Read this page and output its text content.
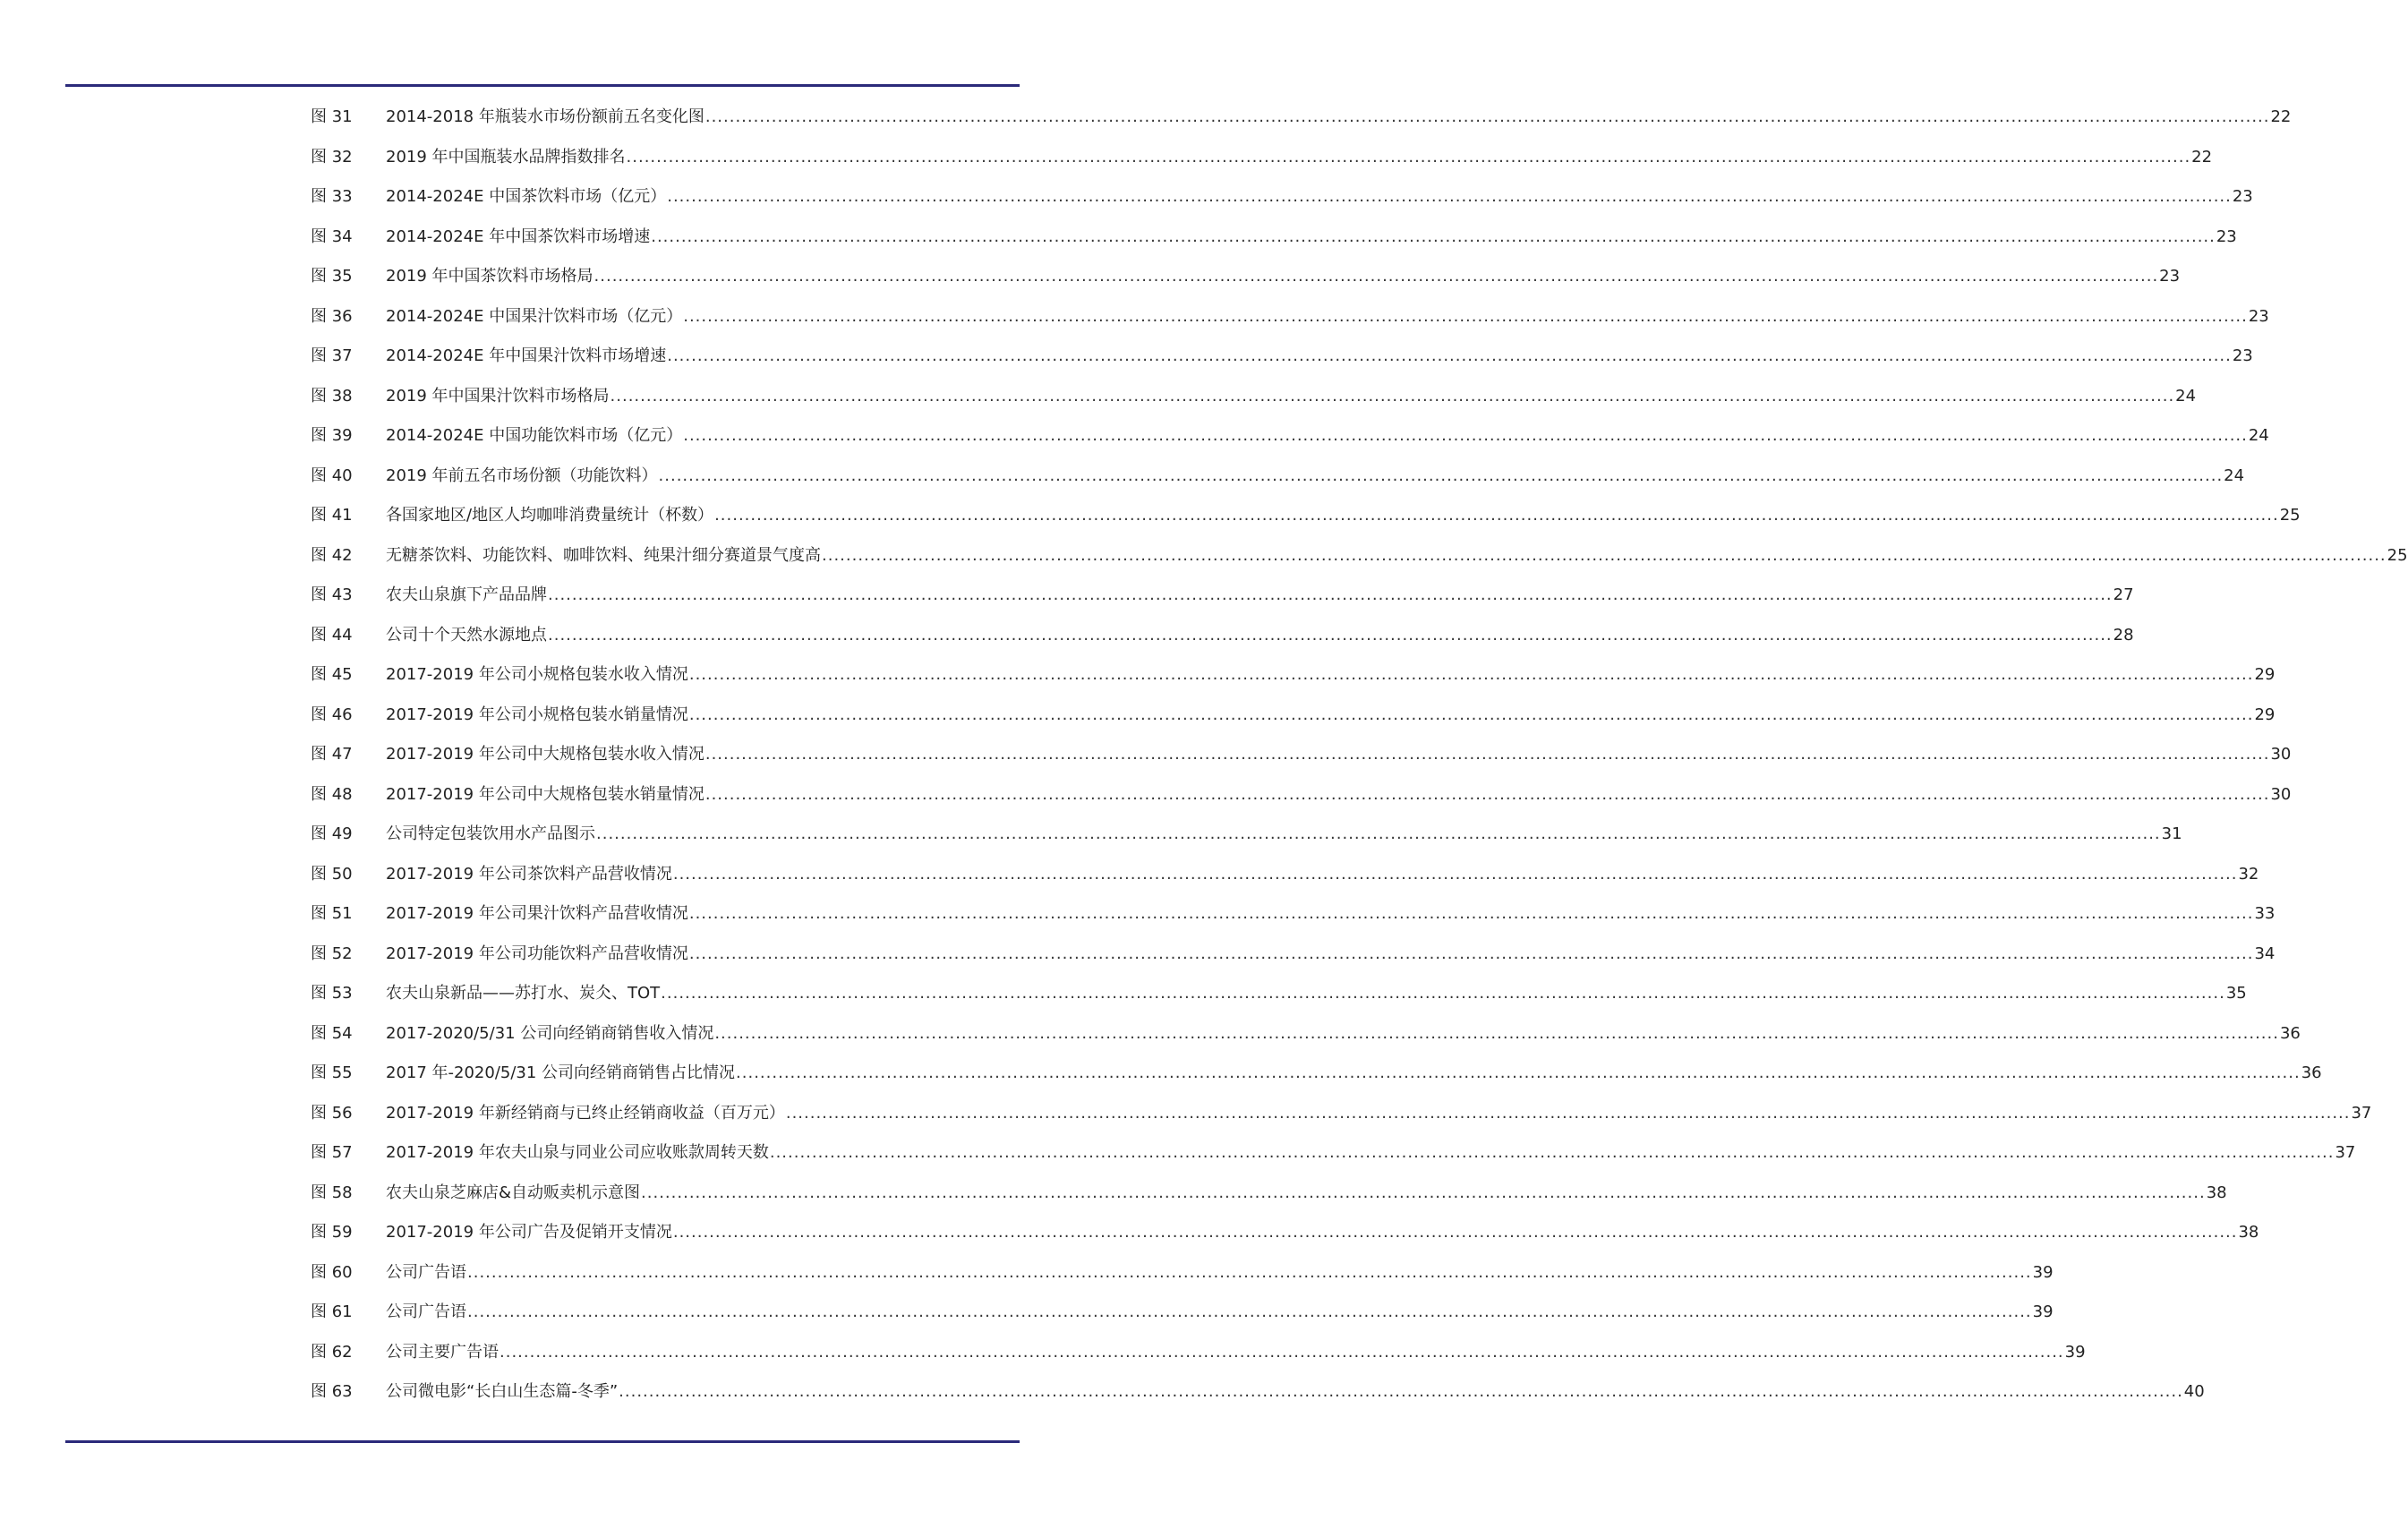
图 31	2014-2018 年瓶装水市场份额前五名变化图 .....	22
图 32	2019 年中国瓶装水品牌指数排名 .....	22
图 33	2014-2024E 中国茶饮料市场（亿元） .....	23
图 34	2014-2024E 年中国茶饮料市场增速 .....	23
图 35	2019 年中国茶饮料市场格局 .....	23
图 36	2014-2024E 中国果汁饮料市场（亿元） .....	23
图 37	2014-2024E 年中国果汁饮料市场增速 .....	23
图 38	2019 年中国果汁饮料市场格局 .....	24
图 39	2014-2024E 中国功能饮料市场（亿元） .....	24
图 40	2019 年前五名市场份额（功能饮料） .....	24
图 41	各国家地区/地区人均咖啡消费量统计（杯数） .....	25
图 42	无糖茶饮料、功能饮料、咖啡饮料、纯果汁细分赛道景气度高 .....	25
图 43	农夫山泉旗下产品品牌 .....	27
图 44	公司十个天然水源地点 .....	28
图 45	2017-2019 年公司小规格包装水收入情况 .....	29
图 46	2017-2019 年公司小规格包装水销量情况 .....	29
图 47	2017-2019 年公司中大规格包装水收入情况 .....	30
图 48	2017-2019 年公司中大规格包装水销量情况 .....	30
图 49	公司特定包装饮用水产品图示 .....	31
图 50	2017-2019 年公司茶饮料产品营收情况 .....	32
图 51	2017-2019 年公司果汁饮料产品营收情况 .....	33
图 52	2017-2019 年公司功能饮料产品营收情况 .....	34
图 53	农夫山泉新品——苏打水、炭仌、TOT .....	35
图 54	2017-2020/5/31 公司向经销商销售收入情况 .....	36
图 55	2017 年-2020/5/31 公司向经销商销售占比情况 .....	36
图 56	2017-2019 年新经销商与已终止经销商收益（百万元） .....	37
图 57	2017-2019 年农夫山泉与同业公司应收账款周转天数 .....	37
图 58	农夫山泉芝麻店&自动贩卖机示意图 .....	38
图 59	2017-2019 年公司广告及促销开支情况 .....	38
图 60	公司广告语 .....	39
图 61	公司广告语 .....	39
图 62	公司主要广告语 .....	39
图 63	公司微电影“长白山生态篇-冬季” .....	40
